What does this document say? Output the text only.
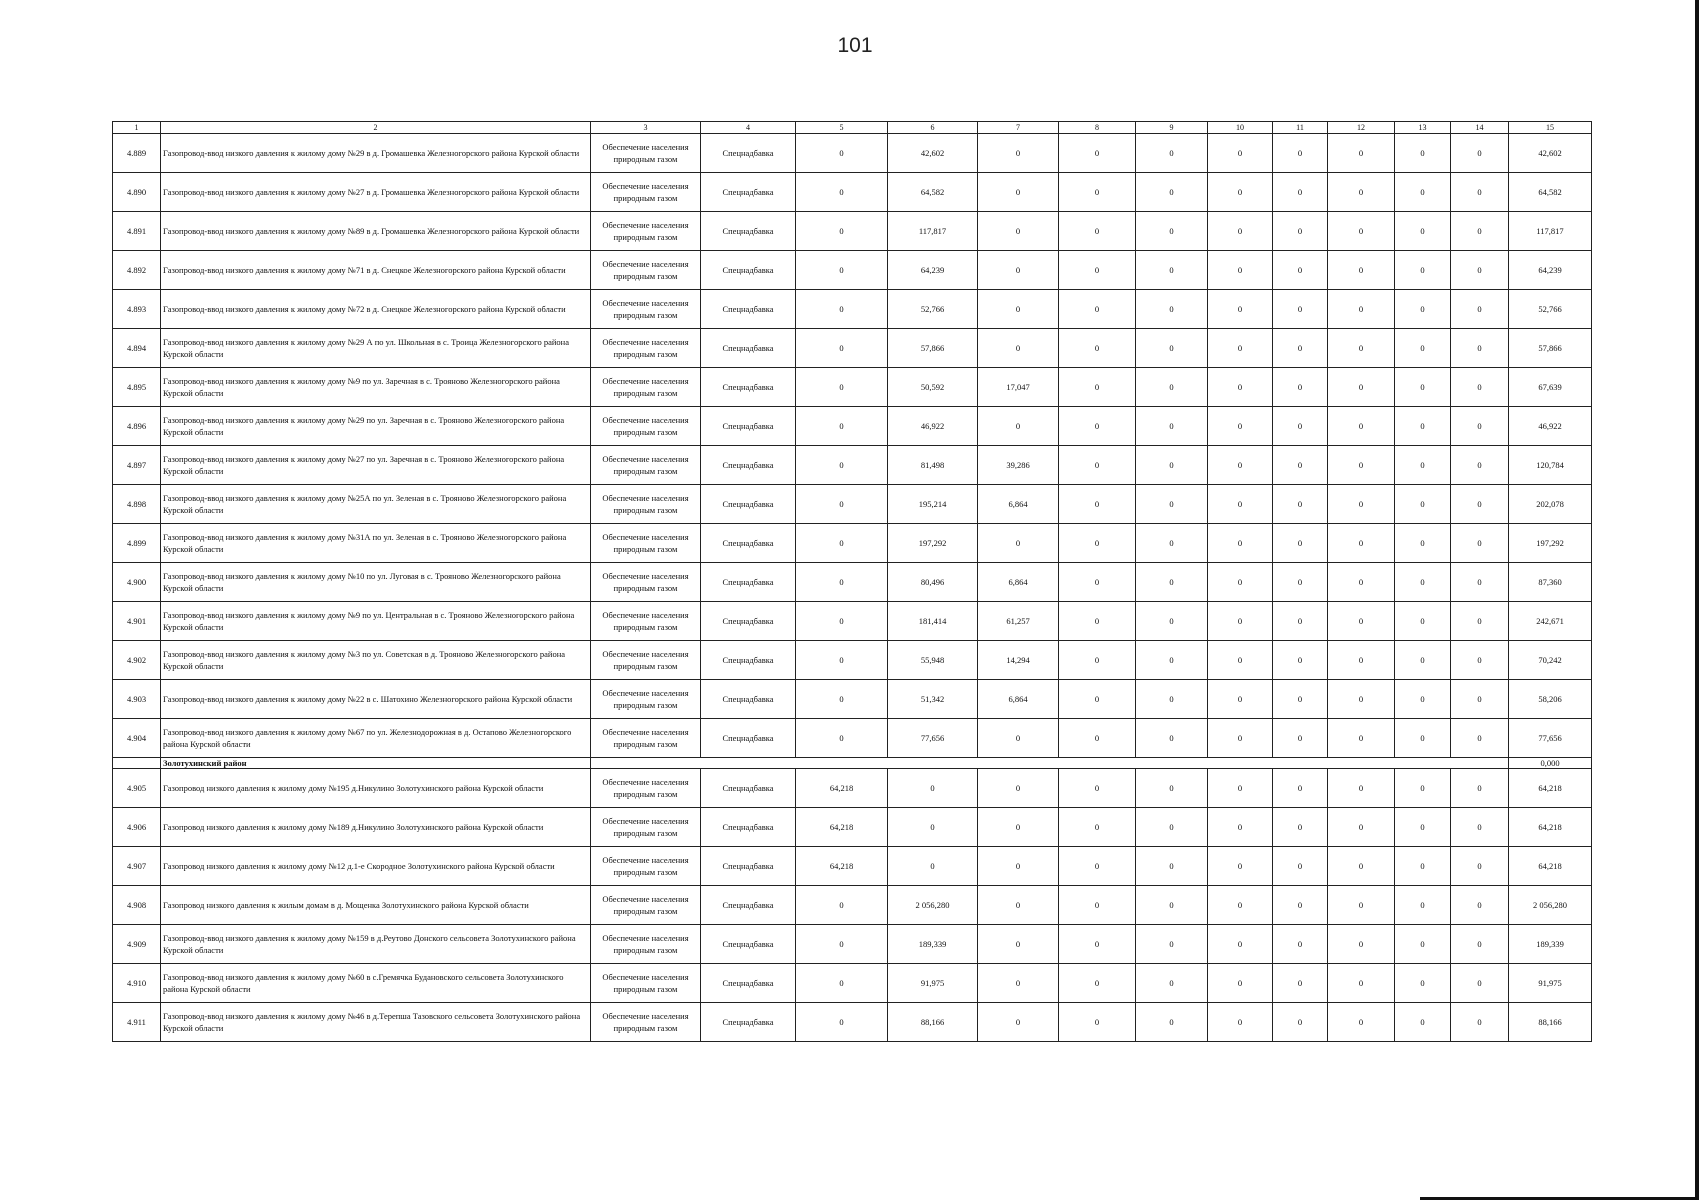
101
1	2	3	4	5	6	7	8	9	10	11	12	13	14	15
4.889	Газопровод-ввод низкого давления к жилому дому №29 в д. Громашевка Железногорского района Курской области	Обеспечение населения природным газом	Спецнадбавка	0	42,602	0	0	0	0	0	0	0	0	42,602
4.890	Газопровод-ввод низкого давления к жилому дому №27 в д. Громашевка Железногорского района Курской области	Обеспечение населения природным газом	Спецнадбавка	0	64,582	0	0	0	0	0	0	0	0	64,582
4.891	Газопровод-ввод низкого давления к жилому дому №89 в д. Громашевка Железногорского района Курской области	Обеспечение населения природным газом	Спецнадбавка	0	117,817	0	0	0	0	0	0	0	0	117,817
4.892	Газопровод-ввод низкого давления к жилому дому №71 в д. Снецкое Железногорского района Курской области	Обеспечение населения природным газом	Спецнадбавка	0	64,239	0	0	0	0	0	0	0	0	64,239
4.893	Газопровод-ввод низкого давления к жилому дому №72 в д. Снецкое Железногорского района Курской области	Обеспечение населения природным газом	Спецнадбавка	0	52,766	0	0	0	0	0	0	0	0	52,766
4.894	Газопровод-ввод низкого давления к жилому дому №29 А по ул. Школьная в с. Троица Железногорского района Курской области	Обеспечение населения природным газом	Спецнадбавка	0	57,866	0	0	0	0	0	0	0	0	57,866
4.895	Газопровод-ввод низкого давления к жилому дому №9 по ул. Заречная в с. Трояново Железногорского района Курской области	Обеспечение населения природным газом	Спецнадбавка	0	50,592	17,047	0	0	0	0	0	0	0	67,639
4.896	Газопровод-ввод низкого давления к жилому дому №29 по ул. Заречная в с. Трояново Железногорского района Курской области	Обеспечение населения природным газом	Спецнадбавка	0	46,922	0	0	0	0	0	0	0	0	46,922
4.897	Газопровод-ввод низкого давления к жилому дому №27 по ул. Заречная в с. Трояново Железногорского района Курской области	Обеспечение населения природным газом	Спецнадбавка	0	81,498	39,286	0	0	0	0	0	0	0	120,784
4.898	Газопровод-ввод низкого давления к жилому дому №25А по ул. Зеленая в с. Трояново Железногорского района Курской области	Обеспечение населения природным газом	Спецнадбавка	0	195,214	6,864	0	0	0	0	0	0	0	202,078
4.899	Газопровод-ввод низкого давления к жилому дому №31А по ул. Зеленая в с. Трояново Железногорского района Курской области	Обеспечение населения природным газом	Спецнадбавка	0	197,292	0	0	0	0	0	0	0	0	197,292
4.900	Газопровод-ввод низкого давления к жилому дому №10 по ул. Луговая в с. Трояново Железногорского района Курской области	Обеспечение населения природным газом	Спецнадбавка	0	80,496	6,864	0	0	0	0	0	0	0	87,360
4.901	Газопровод-ввод низкого давления к жилому дому №9 по ул. Центральная в с. Трояново Железногорского района Курской области	Обеспечение населения природным газом	Спецнадбавка	0	181,414	61,257	0	0	0	0	0	0	0	242,671
4.902	Газопровод-ввод низкого давления к жилому дому №3 по ул. Советская в д. Трояново Железногорского района Курской области	Обеспечение населения природным газом	Спецнадбавка	0	55,948	14,294	0	0	0	0	0	0	0	70,242
4.903	Газопровод-ввод низкого давления к жилому дому №22 в с. Шатохино Железногорского района Курской области	Обеспечение населения природным газом	Спецнадбавка	0	51,342	6,864	0	0	0	0	0	0	0	58,206
4.904	Газопровод-ввод низкого давления к жилому дому №67 по ул. Железнодорожная в д. Остапово Железногорского района Курской области	Обеспечение населения природным газом	Спецнадбавка	0	77,656	0	0	0	0	0	0	0	0	77,656
	Золотухинский район													0,000
4.905	Газопровод низкого давления к жилому дому №195 д.Никулино Золотухинского района Курской области	Обеспечение населения природным газом	Спецнадбавка	64,218	0	0	0	0	0	0	0	0	0	64,218
4.906	Газопровод низкого давления к жилому дому №189 д.Никулино Золотухинского района Курской области	Обеспечение населения природным газом	Спецнадбавка	64,218	0	0	0	0	0	0	0	0	0	64,218
4.907	Газопровод низкого давления к жилому дому №12 д.1-е Скородное Золотухинского района Курской области	Обеспечение населения природным газом	Спецнадбавка	64,218	0	0	0	0	0	0	0	0	0	64,218
4.908	Газопровод низкого давления к жилым домам в д. Мощенка Золотухинского района Курской области	Обеспечение населения природным газом	Спецнадбавка	0	2 056,280	0	0	0	0	0	0	0	0	2 056,280
4.909	Газопровод-ввод низкого давления к жилому дому №159 в д.Реутово Донского сельсовета Золотухинского района Курской области	Обеспечение населения природным газом	Спецнадбавка	0	189,339	0	0	0	0	0	0	0	0	189,339
4.910	Газопровод-ввод низкого давления к жилому дому №60 в с.Гремячка Будановского сельсовета Золотухинского района Курской области	Обеспечение населения природным газом	Спецнадбавка	0	91,975	0	0	0	0	0	0	0	0	91,975
4.911	Газопровод-ввод низкого давления к жилому дому №46 в д.Терепша Тазовского сельсовета Золотухинского района Курской области	Обеспечение населения природным газом	Спецнадбавка	0	88,166	0	0	0	0	0	0	0	0	88,166
